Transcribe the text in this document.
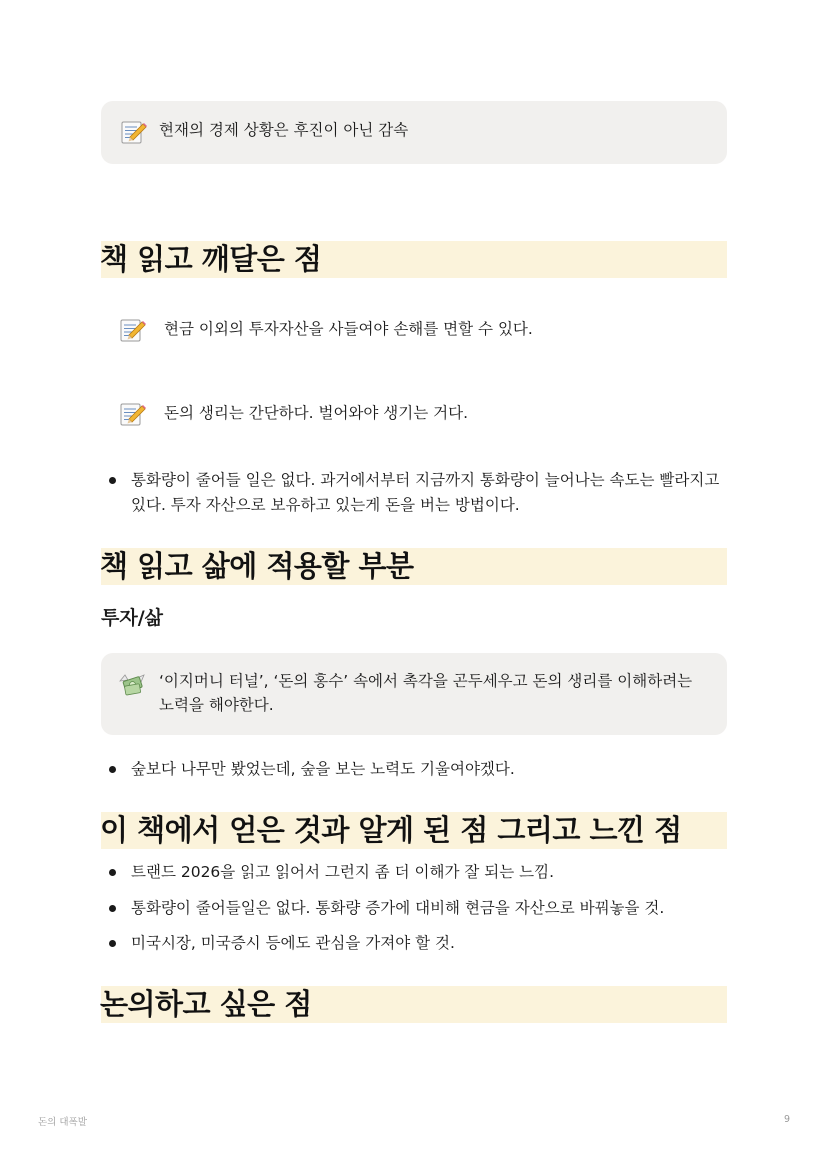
현재의 경제 상황은 후진이 아닌 감속
책 읽고 깨달은 점
현금 이외의 투자자산을 사들여야 손해를 면할 수 있다.
돈의 생리는 간단하다. 벌어와야 생기는 거다.
통화량이 줄어들 일은 없다. 과거에서부터 지금까지 통화량이 늘어나는 속도는 빨라지고 있다. 투자 자산으로 보유하고 있는게 돈을 버는 방법이다.
책 읽고 삶에 적용할 부분
투자/삶
‘이지머니 터널’, ‘돈의 홍수’ 속에서 촉각을 곤두세우고 돈의 생리를 이해하려는 노력을 해야한다.
숲보다 나무만 봤었는데, 숲을 보는 노력도 기울여야겠다.
이 책에서 얻은 것과 알게 된 점 그리고 느낀 점
트랜드 2026을 읽고 읽어서 그런지 좀 더 이해가 잘 되는 느낌.
통화량이 줄어들일은 없다. 통화량 증가에 대비해 현금을 자산으로 바꿔놓을 것.
미국시장, 미국증시 등에도 관심을 가져야 할 것.
논의하고 싶은 점
돈의 대폭발	9
